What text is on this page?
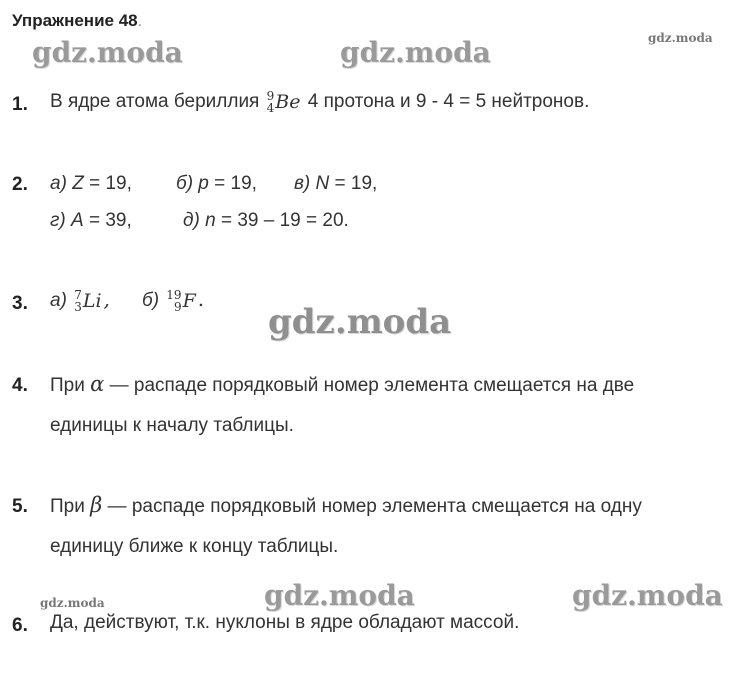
Упражнение 48.
gdz.moda	gdz.moda	gdz.moda
gdz.moda
gdz.moda	gdz.moda	gdz.moda
1. В ядре атома бериллия 9
4 Be 4 протона и 9 - 4 = 5 нейтронов.
2. а) Z = 19, б) p = 19, в) N = 19,
г) A = 39,	д) n = 39 – 19 = 20.
3. а) 7
3 Li , б) 19
9 F .
4. При α — распаде порядковый номер элемента смещается на две
единицы к началу таблицы.
5. При β — распаде порядковый номер элемента смещается на одну
единицу ближе к концу таблицы.
6. Да, действуют, т.к. нуклоны в ядре обладают массой.
